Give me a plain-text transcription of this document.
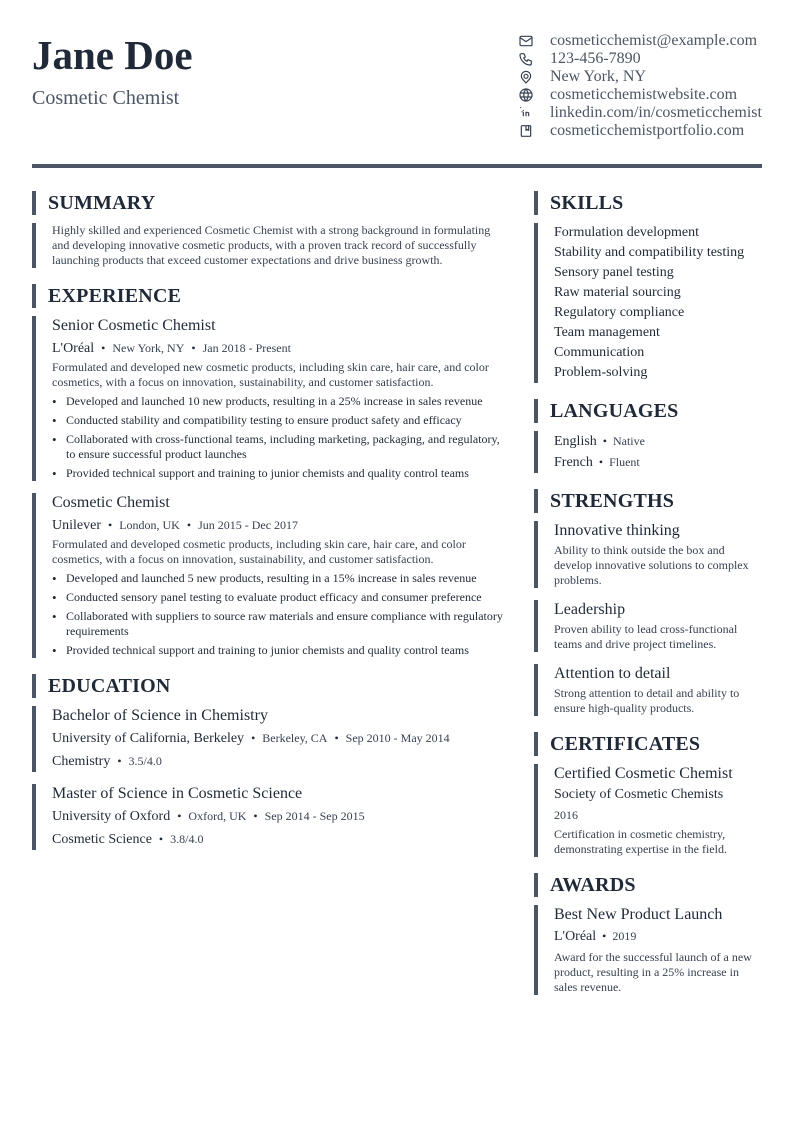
Jane Doe
Cosmetic Chemist
cosmeticchemist@example.com
123-456-7890
New York, NY
cosmeticchemistwebsite.com
linkedin.com/in/cosmeticchemist
cosmeticchemistportfolio.com
SUMMARY
Highly skilled and experienced Cosmetic Chemist with a strong background in formulating and developing innovative cosmetic products, with a proven track record of successfully launching products that exceed customer expectations and drive business growth.
EXPERIENCE
Senior Cosmetic Chemist
L'Oréal • New York, NY • Jan 2018 - Present
Formulated and developed new cosmetic products, including skin care, hair care, and color cosmetics, with a focus on innovation, sustainability, and customer satisfaction.
• Developed and launched 10 new products, resulting in a 25% increase in sales revenue
• Conducted stability and compatibility testing to ensure product safety and efficacy
• Collaborated with cross-functional teams, including marketing, packaging, and regulatory, to ensure successful product launches
• Provided technical support and training to junior chemists and quality control teams
Cosmetic Chemist
Unilever • London, UK • Jun 2015 - Dec 2017
Formulated and developed cosmetic products, including skin care, hair care, and color cosmetics, with a focus on innovation, sustainability, and customer satisfaction.
• Developed and launched 5 new products, resulting in a 15% increase in sales revenue
• Conducted sensory panel testing to evaluate product efficacy and consumer preference
• Collaborated with suppliers to source raw materials and ensure compliance with regulatory requirements
• Provided technical support and training to junior chemists and quality control teams
EDUCATION
Bachelor of Science in Chemistry
University of California, Berkeley • Berkeley, CA • Sep 2010 - May 2014
Chemistry • 3.5/4.0
Master of Science in Cosmetic Science
University of Oxford • Oxford, UK • Sep 2014 - Sep 2015
Cosmetic Science • 3.8/4.0
SKILLS
Formulation development
Stability and compatibility testing
Sensory panel testing
Raw material sourcing
Regulatory compliance
Team management
Communication
Problem-solving
LANGUAGES
English • Native
French • Fluent
STRENGTHS
Innovative thinking
Ability to think outside the box and develop innovative solutions to complex problems.
Leadership
Proven ability to lead cross-functional teams and drive project timelines.
Attention to detail
Strong attention to detail and ability to ensure high-quality products.
CERTIFICATES
Certified Cosmetic Chemist
Society of Cosmetic Chemists
2016
Certification in cosmetic chemistry, demonstrating expertise in the field.
AWARDS
Best New Product Launch
L'Oréal • 2019
Award for the successful launch of a new product, resulting in a 25% increase in sales revenue.
